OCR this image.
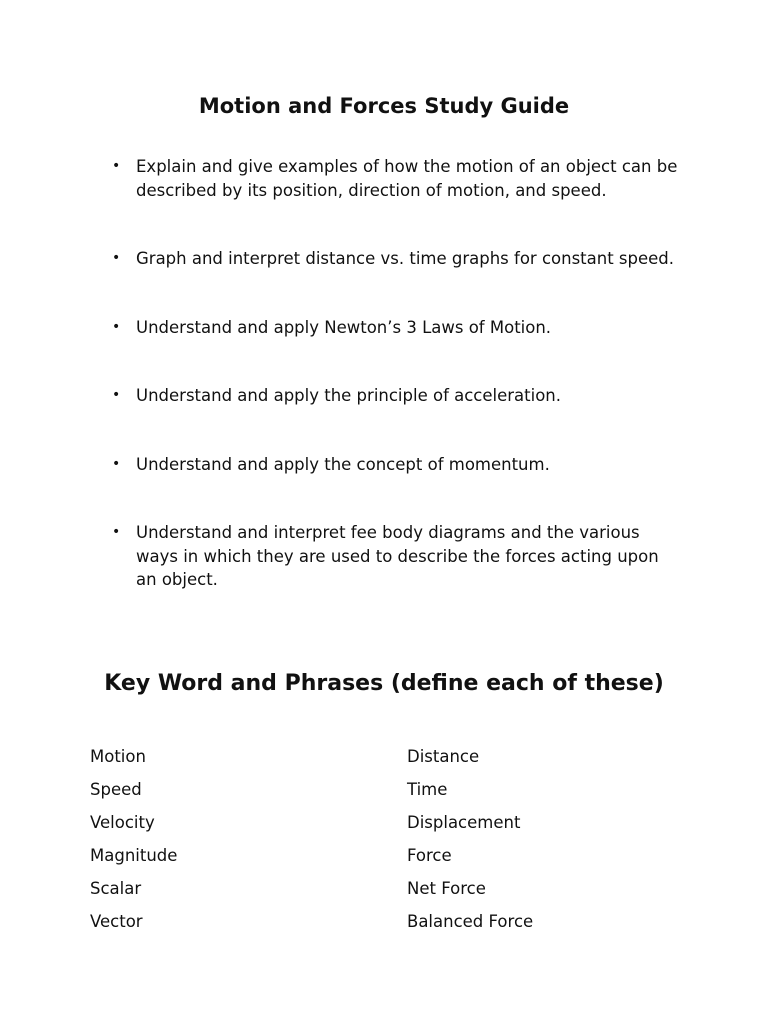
Motion and Forces Study Guide
• Explain and give examples of how the motion of an object can be described by its position, direction of motion, and speed.
• Graph and interpret distance vs. time graphs for constant speed.
• Understand and apply Newton’s 3 Laws of Motion.
• Understand and apply the principle of acceleration.
• Understand and apply the concept of momentum.
• Understand and interpret fee body diagrams and the various ways in which they are used to describe the forces acting upon an object.
Key Word and Phrases (define each of these)
Motion
Speed
Velocity
Magnitude
Scalar
Vector
Distance
Time
Displacement
Force
Net Force
Balanced Force
